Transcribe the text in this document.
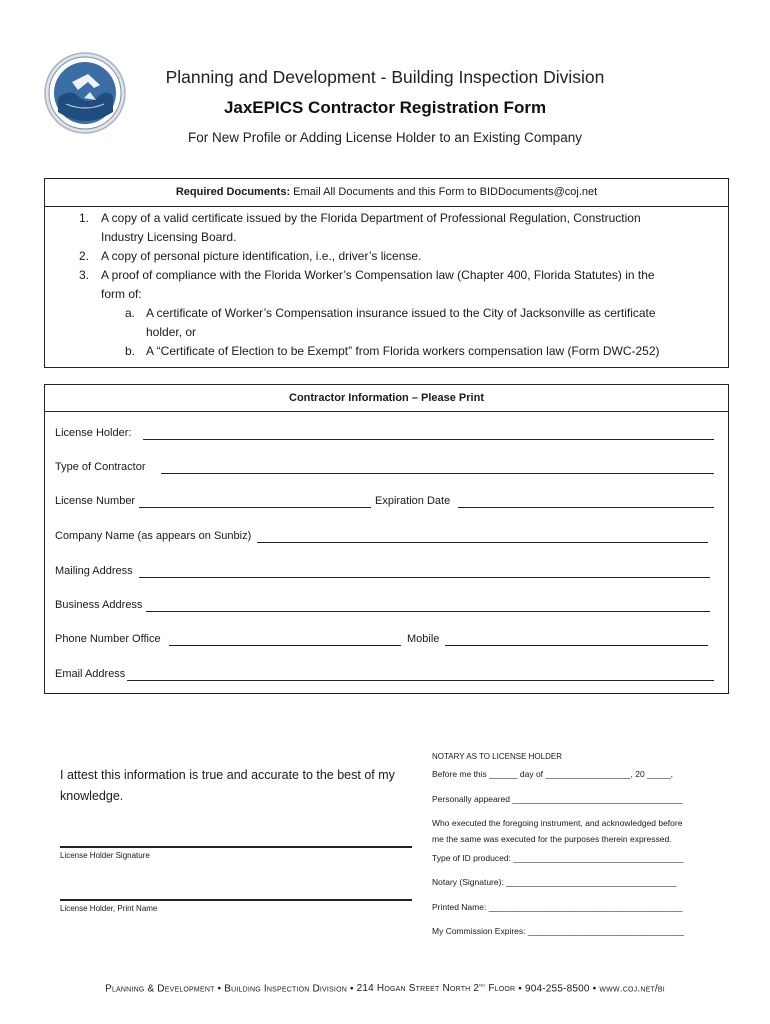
Planning and Development - Building Inspection Division
JaxEPICS Contractor Registration Form
For New Profile or Adding License Holder to an Existing Company
Required Documents: Email All Documents and this Form to BIDDocuments@coj.net
1. A copy of a valid certificate issued by the Florida Department of Professional Regulation, Construction
Industry Licensing Board.
2. A copy of personal picture identification, i.e., driver’s license.
3. A proof of compliance with the Florida Worker’s Compensation law (Chapter 400, Florida Statutes) in the
form of:
a. A certificate of Worker’s Compensation insurance issued to the City of Jacksonville as certificate
holder, or
b. A “Certificate of Election to be Exempt” from Florida workers compensation law (Form DWC-252)
Contractor Information – Please Print
License Holder:
Type of Contractor
License Number	Expiration Date
Company Name (as appears on Sunbiz)
Mailing Address
Business Address
Phone Number Office	Mobile
Email Address
I attest this information is true and accurate to the best of my knowledge.
License Holder Signature
License Holder, Print Name
NOTARY AS TO LICENSE HOLDER
Before me this ______ day of __________________, 20 _____,
Personally appeared ____________________________________
Who executed the foregoing instrument, and acknowledged before
me the same was executed for the purposes therein expressed.
Type of ID produced: ____________________________________
Notary (Signature): ____________________________________
Printed Name: _________________________________________
My Commission Expires: _________________________________
Planning & Development • Building Inspection Division • 214 Hogan Street North 2nd Floor • 904-255-8500 • www.coj.net/bi
